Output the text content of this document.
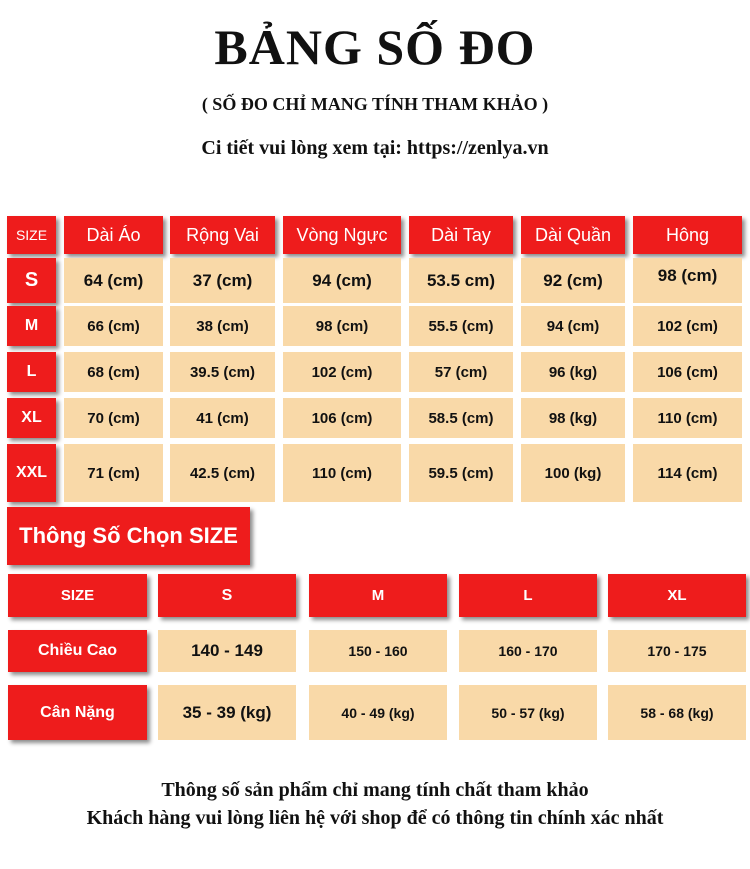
BẢNG SỐ ĐO
( SỐ ĐO CHỈ MANG TÍNH THAM KHẢO )
Ci tiết vui lòng xem tại: https://zenlya.vn
SIZE	Dài Áo	Rộng Vai	Vòng Ngực	Dài Tay	Dài Quần	Hông
S	64 (cm)	37 (cm)	94 (cm)	53.5 cm)	92 (cm)	98 (cm)
M	66 (cm)	38 (cm)	98 (cm)	55.5 (cm)	94 (cm)	102 (cm)
L	68 (cm)	39.5 (cm)	102 (cm)	57 (cm)	96 (kg)	106 (cm)
XL	70 (cm)	41 (cm)	106 (cm)	58.5 (cm)	98 (kg)	110 (cm)
XXL	71 (cm)	42.5 (cm)	110 (cm)	59.5 (cm)	100 (kg)	114 (cm)
Thông Số Chọn SIZE
SIZE	S	M	L	XL
Chiều Cao	140 - 149	150 - 160	160 - 170	170 - 175
Cân Nặng	35 - 39 (kg)	40 - 49 (kg)	50 - 57 (kg)	58 - 68 (kg)
Thông số sản phẩm chỉ mang tính chất tham khảo
Khách hàng vui lòng liên hệ với shop để có thông tin chính xác nhất
